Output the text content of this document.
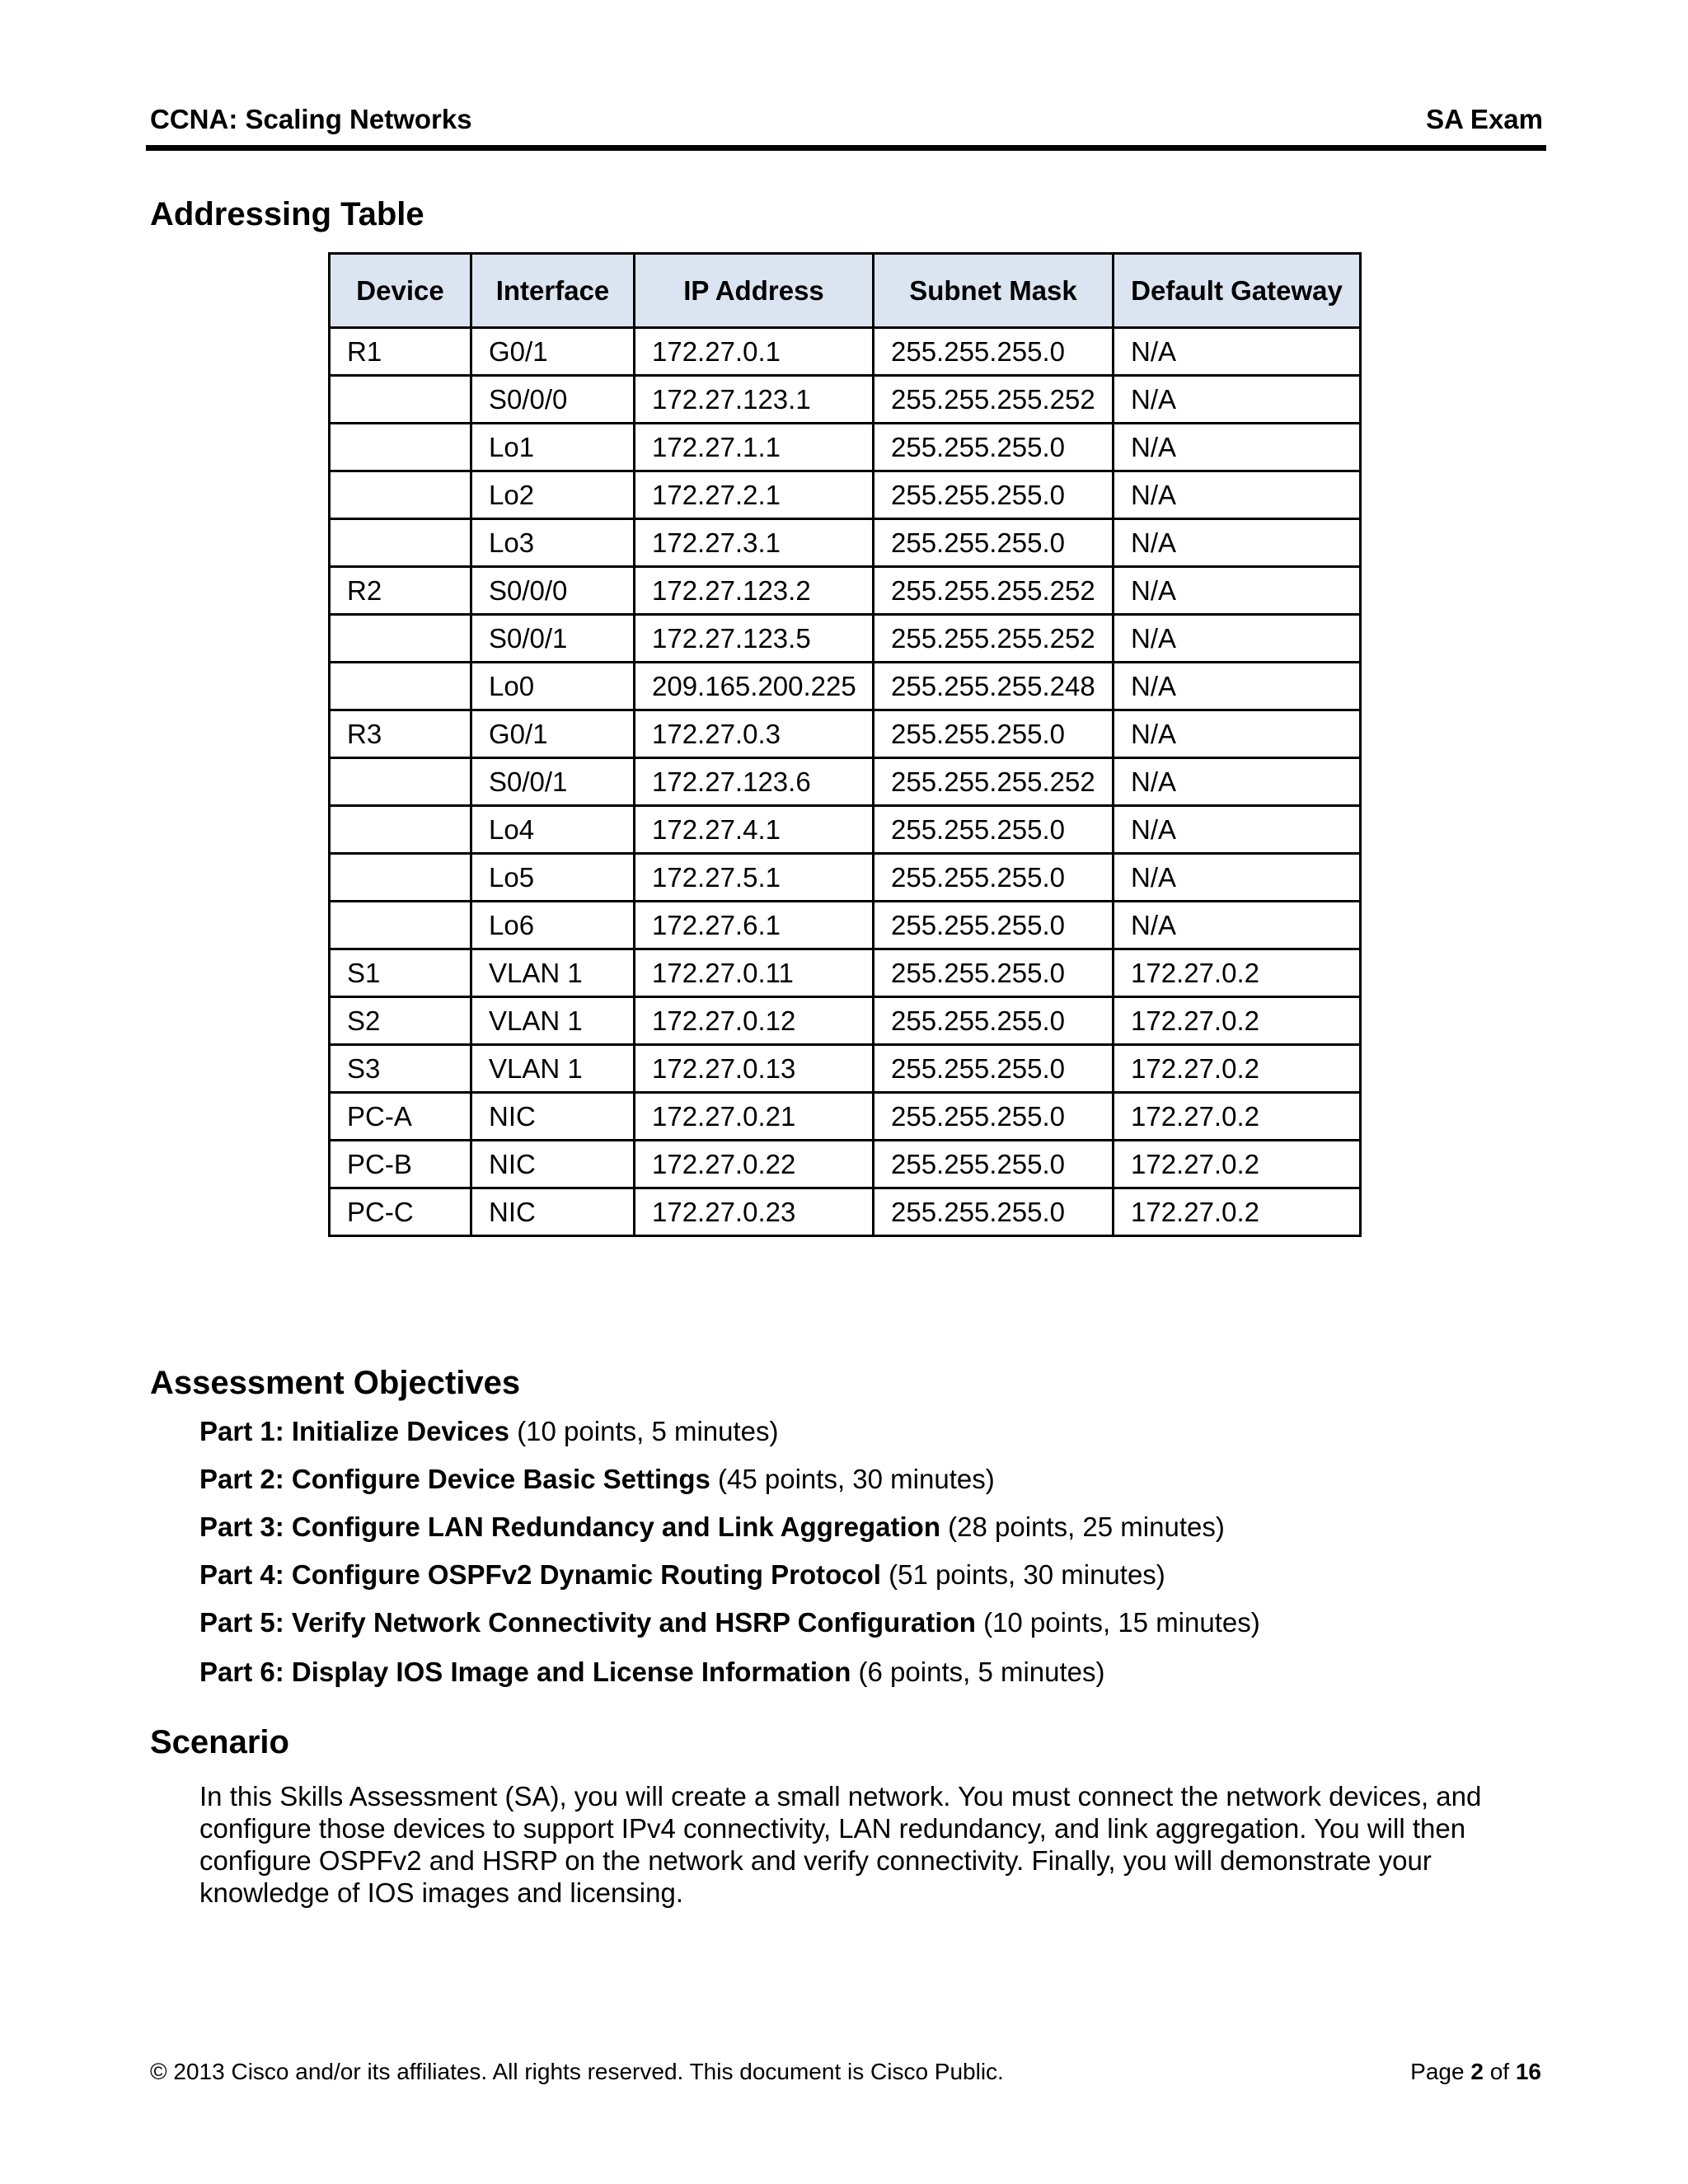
CCNA: Scaling Networks	SA Exam
Addressing Table
Device	Interface	IP Address	Subnet Mask	Default Gateway
R1	G0/1	172.27.0.1	255.255.255.0	N/A
	S0/0/0	172.27.123.1	255.255.255.252	N/A
	Lo1	172.27.1.1	255.255.255.0	N/A
	Lo2	172.27.2.1	255.255.255.0	N/A
	Lo3	172.27.3.1	255.255.255.0	N/A
R2	S0/0/0	172.27.123.2	255.255.255.252	N/A
	S0/0/1	172.27.123.5	255.255.255.252	N/A
	Lo0	209.165.200.225	255.255.255.248	N/A
R3	G0/1	172.27.0.3	255.255.255.0	N/A
	S0/0/1	172.27.123.6	255.255.255.252	N/A
	Lo4	172.27.4.1	255.255.255.0	N/A
	Lo5	172.27.5.1	255.255.255.0	N/A
	Lo6	172.27.6.1	255.255.255.0	N/A
S1	VLAN 1	172.27.0.11	255.255.255.0	172.27.0.2
S2	VLAN 1	172.27.0.12	255.255.255.0	172.27.0.2
S3	VLAN 1	172.27.0.13	255.255.255.0	172.27.0.2
PC-A	NIC	172.27.0.21	255.255.255.0	172.27.0.2
PC-B	NIC	172.27.0.22	255.255.255.0	172.27.0.2
PC-C	NIC	172.27.0.23	255.255.255.0	172.27.0.2
Assessment Objectives
Part 1: Initialize Devices (10 points, 5 minutes)
Part 2: Configure Device Basic Settings (45 points, 30 minutes)
Part 3: Configure LAN Redundancy and Link Aggregation (28 points, 25 minutes)
Part 4: Configure OSPFv2 Dynamic Routing Protocol (51 points, 30 minutes)
Part 5: Verify Network Connectivity and HSRP Configuration (10 points, 15 minutes)
Part 6: Display IOS Image and License Information (6 points, 5 minutes)
Scenario
In this Skills Assessment (SA), you will create a small network. You must connect the network devices, and configure those devices to support IPv4 connectivity, LAN redundancy, and link aggregation. You will then configure OSPFv2 and HSRP on the network and verify connectivity. Finally, you will demonstrate your knowledge of IOS images and licensing.
© 2013 Cisco and/or its affiliates. All rights reserved. This document is Cisco Public.	Page 2 of 16
